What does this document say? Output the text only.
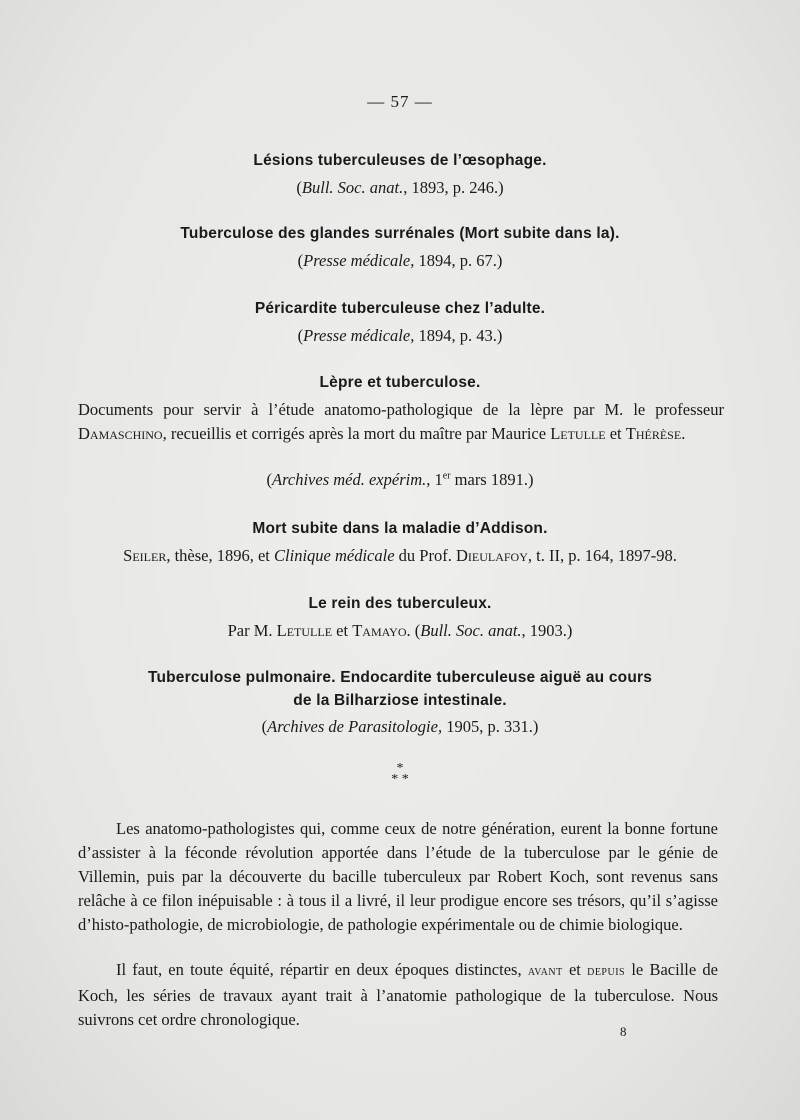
— 57 —
Lésions tuberculeuses de l’œsophage.
(Bull. Soc. anat., 1893, p. 246.)
Tuberculose des glandes surrénales (Mort subite dans la).
(Presse médicale, 1894, p. 67.)
Péricardite tuberculeuse chez l’adulte.
(Presse médicale, 1894, p. 43.)
Lèpre et tuberculose.
Documents pour servir à l’étude anatomo-pathologique de la lèpre par M. le professeur Damaschino, recueillis et corrigés après la mort du maître par Maurice Letulle et Thérèse.
(Archives méd. expérim., 1er mars 1891.)
Mort subite dans la maladie d’Addison.
Seiler, thèse, 1896, et Clinique médicale du Prof. Dieulafoy, t. II, p. 164, 1897-98.
Le rein des tuberculeux.
Par M. Letulle et Tamayo. (Bull. Soc. anat., 1903.)
Tuberculose pulmonaire. Endocardite tuberculeuse aiguë au cours
de la Bilharziose intestinale.
(Archives de Parasitologie, 1905, p. 331.)
*
* *

Les anatomo-pathologistes qui, comme ceux de notre génération, eurent la bonne fortune d’assister à la féconde révolution apportée dans l’étude de la tuberculose par le génie de Villemin, puis par la découverte du bacille tuberculeux par Robert Koch, sont revenus sans relâche à ce filon inépuisable : à tous il a livré, il leur prodigue encore ses trésors, qu’il s’agisse d’histo-pathologie, de microbiologie, de pathologie expérimentale ou de chimie biologique.

Il faut, en toute équité, répartir en deux époques distinctes, avant et depuis le Bacille de Koch, les séries de travaux ayant trait à l’anatomie pathologique de la tuberculose. Nous suivrons cet ordre chronologique.

8
